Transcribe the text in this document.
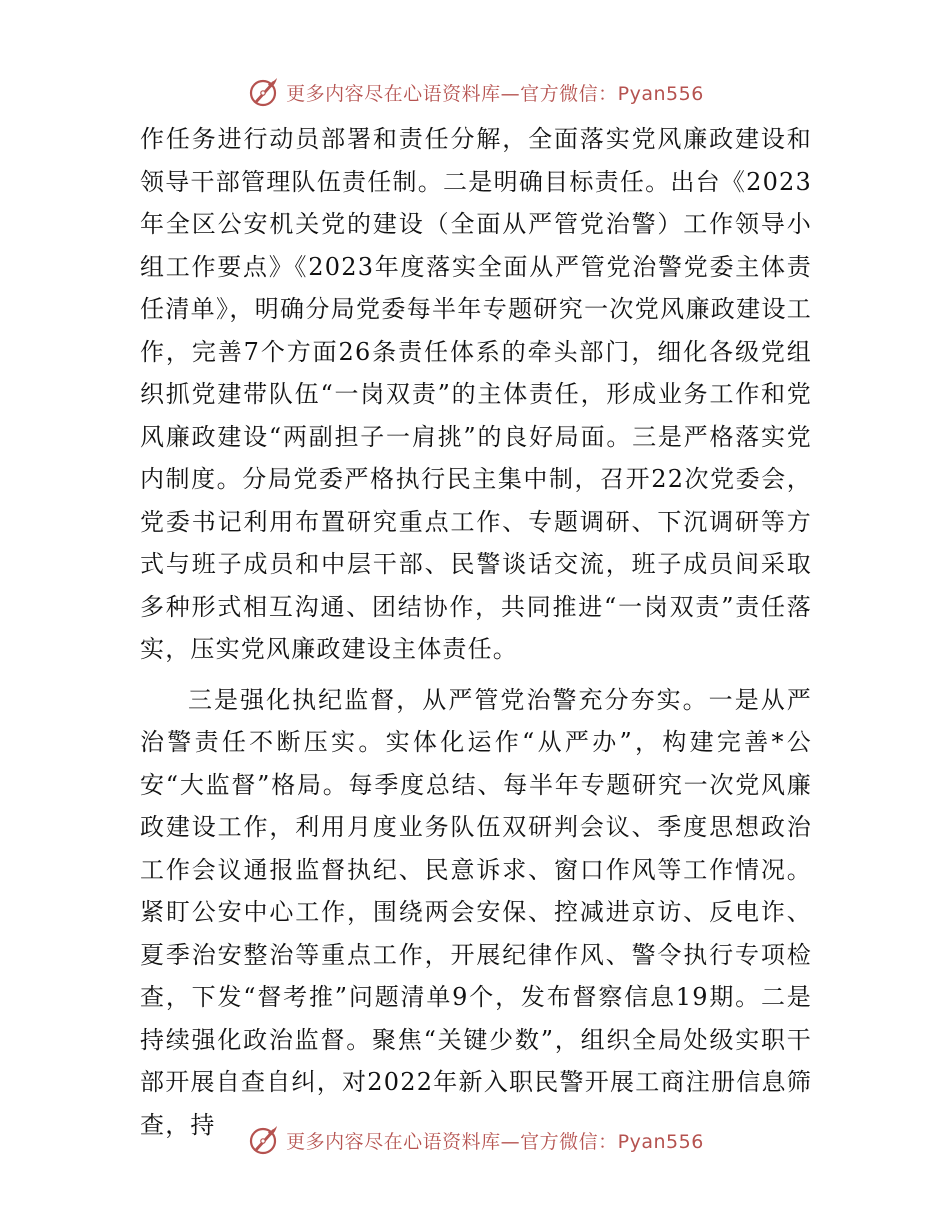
更多内容尽在心语资料库—官方微信：Pyan556

作任务进行动员部署和责任分解，全面落实党风廉政建设和领导干部管理队伍责任制。二是明确目标责任。出台《2023年全区公安机关党的建设（全面从严管党治警）工作领导小组工作要点》《2023年度落实全面从严管党治警党委主体责任清单》，明确分局党委每半年专题研究一次党风廉政建设工作，完善7个方面26条责任体系的牵头部门，细化各级党组织抓党建带队伍“一岗双责”的主体责任，形成业务工作和党风廉政建设“两副担子一肩挑”的良好局面。三是严格落实党内制度。分局党委严格执行民主集中制，召开22次党委会，党委书记利用布置研究重点工作、专题调研、下沉调研等方式与班子成员和中层干部、民警谈话交流，班子成员间采取多种形式相互沟通、团结协作，共同推进“一岗双责”责任落实，压实党风廉政建设主体责任。

三是强化执纪监督，从严管党治警充分夯实。一是从严治警责任不断压实。实体化运作“从严办”，构建完善*公安“大监督”格局。每季度总结、每半年专题研究一次党风廉政建设工作，利用月度业务队伍双研判会议、季度思想政治工作会议通报监督执纪、民意诉求、窗口作风等工作情况。紧盯公安中心工作，围绕两会安保、控减进京访、反电诈、夏季治安整治等重点工作，开展纪律作风、警令执行专项检查，下发“督考推”问题清单9个，发布督察信息19期。二是持续强化政治监督。聚焦“关键少数”，组织全局处级实职干部开展自查自纠，对2022年新入职民警开展工商注册信息筛查，持

更多内容尽在心语资料库—官方微信：Pyan556
